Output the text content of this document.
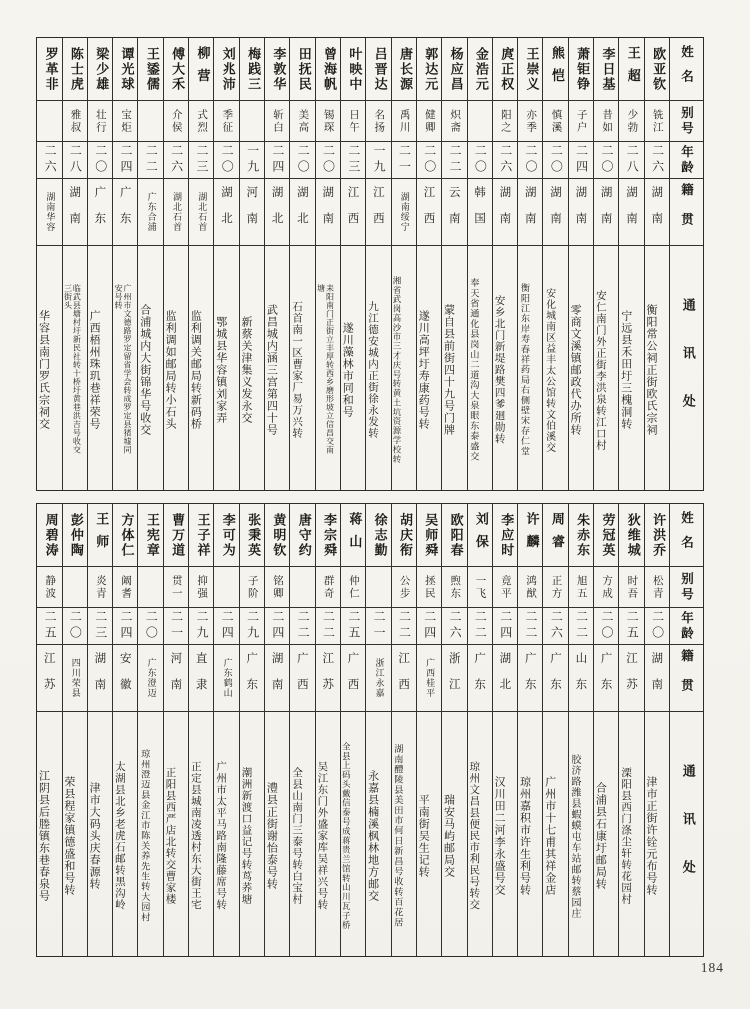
姓名
别号
年龄
籍贯
通讯处
欧亚钦
铣江
二六
湖南
衡阳常公祠正街欧氏宗祠
王超
少勃
二八
湖南
宁远县禾田圩三槐洞转
李日基
昔如
二〇
湖南
安仁南门外正街李洪泉转江口村
萧钜铮
子户
二四
湖南
零商文溪镇邮政代办所转
熊恺
慎溪
二〇
湖南
安化城南区益丰太公馆转文伯溪交
王崇义
亦季
二〇
湖南
衡阳江东岸寿春祥药局右侧壁宋存仁堂
庹正权
阳之
二六
湖南
安乡北门新堤路樊四爹廻勋转
金浩元
二〇
韩国
奉天省通化县岗山二道沟大泉眼东泰盛交
杨应昌
炽斋
二二
云南
蒙自县前街四十九号门牌
郭达元
健卿
二〇
江西
遂川高坪圩寿康药号转
唐长源
禹川
二一
湖南绥宁
湘省武岗高沙市三才庆号转黄土坑资源学校转
吕晋达
名扬
一九
江西
九江德安城内正街徐永发转
叶映中
日午
二三
江西
遂川藻林市同和号
曾海帆
锡琛
二〇
湖南
耒阳南门正街立丰厚转西乡磨形坡立信昌交南塘
田抚民
美高
二〇
湖北
石首南一区曹家厂易万兴转
李敦华
斩白
二四
湖北
武昌城内涵三宫第四十号
梅践三
一九
河南
新蔡关津集义发永交
刘兆沛
季征
二〇
湖北
鄂城县华容镇刘家弄
柳营
式烈
二三
湖北石首
监利调关邮局转新码桥
傅大禾
介侯
二六
湖北石首
监利调如邮局转小石头
王鋈儒
二二
广东合浦
合浦城内大街锦华号收交
谭光球
宝炬
二四
广东
广州市文德路罗定留省学会转成罗定县猪墟同安号转
梁少雄
壮行
二〇
广东
广西梧州珠玑巷祥荣号
陈士虎
雅叔
二八
湖南
临武县塘村圩新民社转十桥圩黄巷洪吉号收交三街头
罗革非
二六
湖南华容
华容县南门罗氏宗祠交
姓名
别号
年龄
籍贯
通讯处
许洪乔
松青
二〇
湖南
津市正街许铨元布号转
狄维城
时吾
二五
江苏
溧阳县西门涤尘轩转花园村
劳冠英
方成
二〇
广东
合浦县石康圩邮局转
朱赤东
旭五
二二
山东
胶济路潍县蝦蟆屯车站邮转蔡园庄
周睿
正方
二六
广东
广州市十七甫其祥金店
许麟
鸿猷
二二
广东
琼州嘉积市许生利号转
李应时
竟平
二四
湖北
汉川田二河李永盛号交
刘保
一飞
二二
广东
琼州文昌县便民市利民号转交
欧阳春
煦东
二六
浙江
瑞安马屿邮局交
吴师舜
拯民
二四
广西桂平
平南街吴生记转
胡庆衔
公步
二二
江西
湖南醴陵县美田市何日新昌号收转百花居
徐志勤
二一
浙江永嘉
永嘉县楠溪枫林地方邮交
蒋山
仲仁
二五
广西
全县上码头戴信泰号成蒋贵兰馆转山川瓦子桥
李宗舜
群奇
二二
江苏
吴江东门外盛家库吴祥兴号转
唐守约
二二
广西
全县山南门三泰号转白宝村
黄明钦
铭卿
二四
湖南
澧县正街谢怡泰号转
张秉英
子阶
二九
广东
潮洲新渡口益记号转茑荞塘
李可为
二四
广东鹤山
广州市太平马路南隆藤席号转
王子祥
抑强
二九
直隶
正定县城南凌透村东大街王宅
曹万道
贯一
二一
河南
正阳县西严店北转交曹家楼
王宪章
二〇
广东澄迈
琼州澄迈县金江市陈关养先生转大园村
方体仁
阚耆
二四
安徽
太湖县北乡老虎石邮转黑沟岭
王师
炎青
二三
湖南
津市大码头庆春源转
彭仲陶
二〇
四川荣县
荣县程家镇德盛和号转
周碧涛
静波
二五
江苏
江阴县后塍镇东巷春泉号
184
